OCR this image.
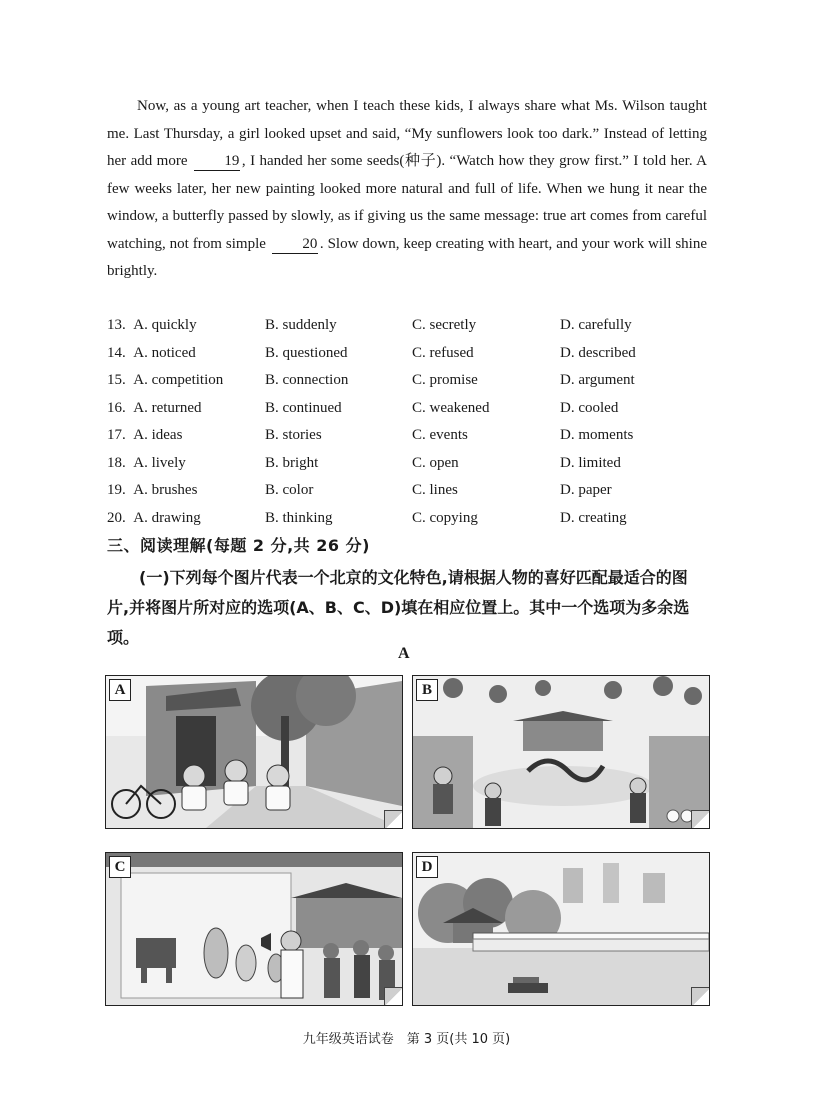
Now, as a young art teacher, when I teach these kids, I always share what Ms. Wilson taught me. Last Thursday, a girl looked upset and said, “My sunflowers look too dark.” Instead of letting her add more 19 , I handed her some seeds(种子). “Watch how they grow first.” I told her. A few weeks later, her new painting looked more natural and full of life. When we hung it near the window, a butterfly passed by slowly, as if giving us the same message: true art comes from careful watching, not from simple 20 . Slow down, keep creating with heart, and your work will shine brightly.

13. A. quickly	B. suddenly	C. secretly	D. carefully
14. A. noticed	B. questioned	C. refused	D. described
15. A. competition	B. connection	C. promise	D. argument
16. A. returned	B. continued	C. weakened	D. cooled
17. A. ideas	B. stories	C. events	D. moments
18. A. lively	B. bright	C. open	D. limited
19. A. brushes	B. color	C. lines	D. paper
20. A. drawing	B. thinking	C. copying	D. creating
三、阅读理解(每题 2 分,共 26 分)
(一)下列每个图片代表一个北京的文化特色,请根据人物的喜好匹配最适合的图片,并将图片所对应的选项(A、B、C、D)填在相应位置上。其中一个选项为多余选项。
A
A	B
C	D
九年级英语试卷　第 3 页(共 10 页)
